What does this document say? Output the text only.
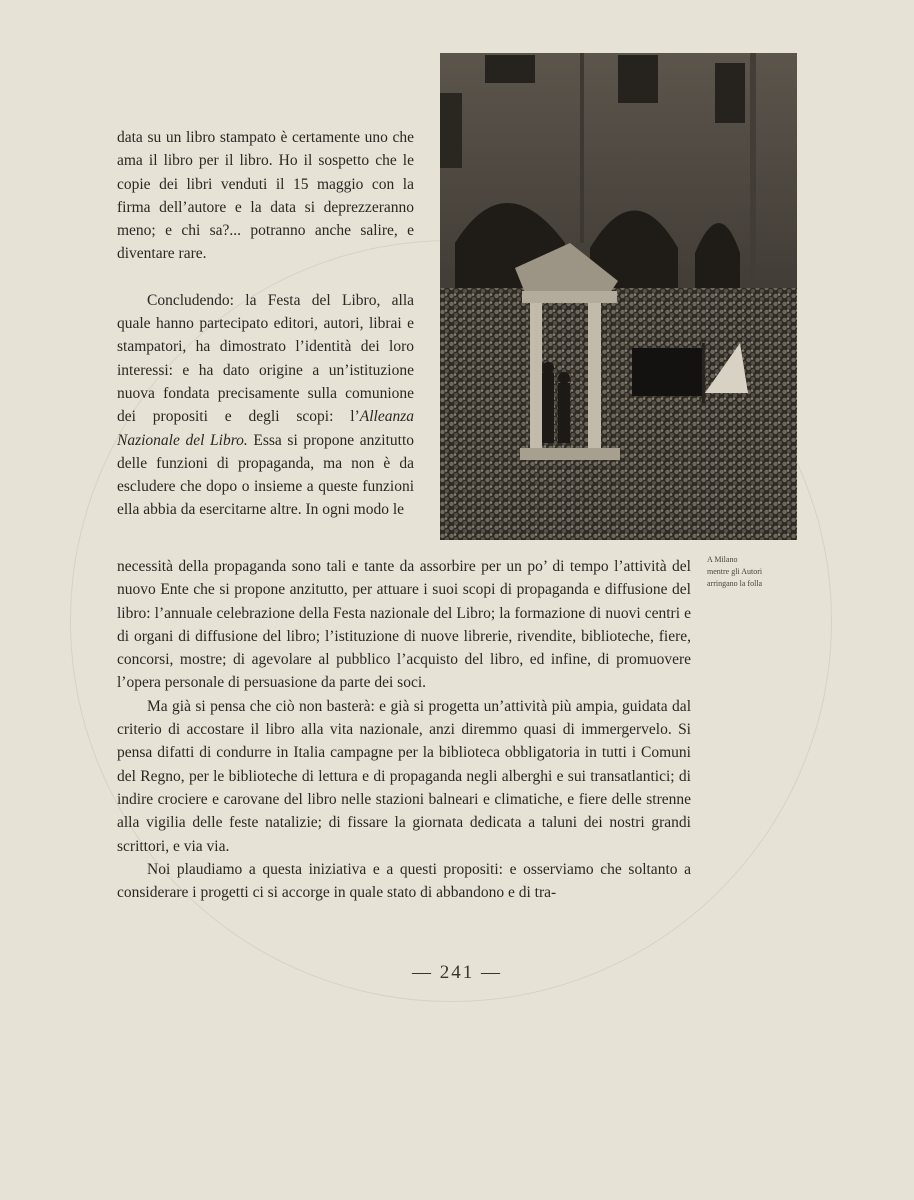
data su un libro stampato è certamente uno che ama il libro per il libro. Ho il sospetto che le copie dei libri venduti il 15 maggio con la firma dell’autore e la data si deprezzeranno meno; e chi sa?... potranno anche salire, e diventare rare.

Concludendo: la Festa del Libro, alla quale hanno partecipato editori, autori, librai e stampatori, ha dimostrato l’identità dei loro interessi: e ha dato origine a un’istituzione nuova fondata precisamente sulla comunione dei propositi e degli scopi: l’Alleanza Nazionale del Libro. Essa si propone anzitutto delle funzioni di propaganda, ma non è da escludere che dopo o insieme a queste funzioni ella abbia da esercitarne altre. In ogni modo le

A Milano
mentre gli Autori
arringano la folla

necessità della propaganda sono tali e tante da assorbire per un po’ di tempo l’attività del nuovo Ente che si propone anzitutto, per attuare i suoi scopi di propaganda e diffusione del libro: l’annuale celebrazione della Festa nazionale del Libro; la formazione di nuovi centri e di organi di diffusione del libro; l’istituzione di nuove librerie, rivendite, biblioteche, fiere, concorsi, mostre; di agevolare al pubblico l’acquisto del libro, ed infine, di promuovere l’opera personale di persuasione da parte dei soci.

Ma già si pensa che ciò non basterà: e già si progetta un’attività più ampia, guidata dal criterio di accostare il libro alla vita nazionale, anzi diremmo quasi di immergervelo. Si pensa difatti di condurre in Italia campagne per la biblioteca obbligatoria in tutti i Comuni del Regno, per le biblioteche di lettura e di propaganda negli alberghi e sui transatlantici; di indire crociere e carovane del libro nelle stazioni balneari e climatiche, e fiere delle strenne alla vigilia delle feste natalizie; di fissare la giornata dedicata a taluni dei nostri grandi scrittori, e via via.

Noi plaudiamo a questa iniziativa e a questi propositi: e osserviamo che soltanto a considerare i progetti ci si accorge in quale stato di abbandono e di tra-

— 241 —
